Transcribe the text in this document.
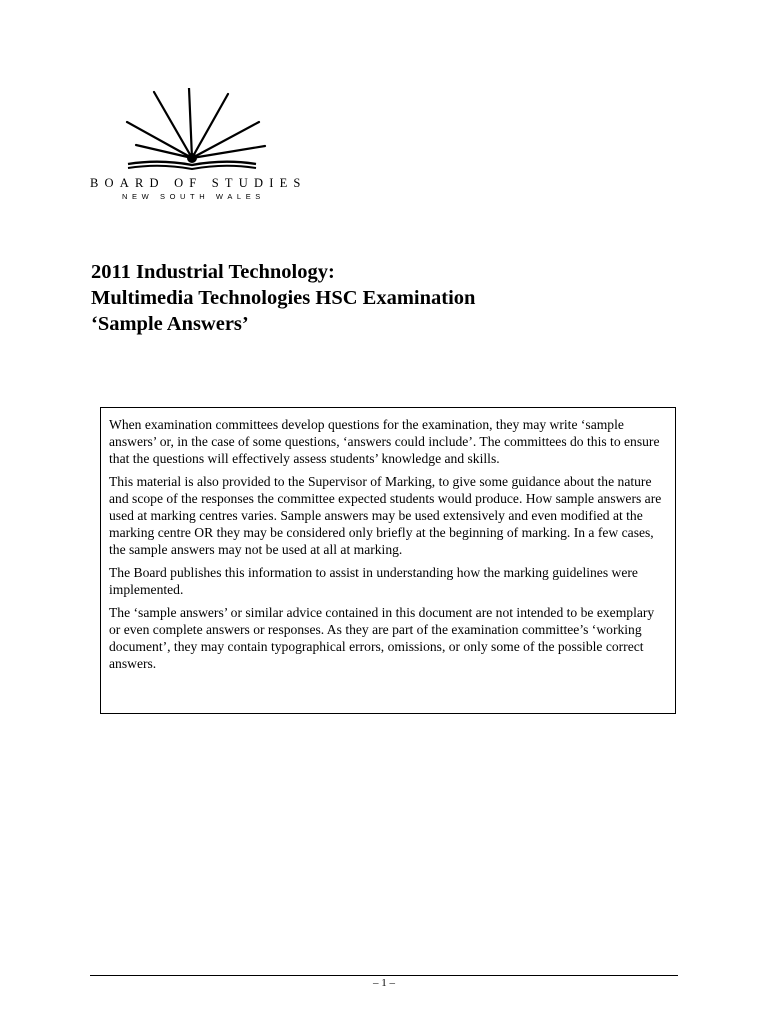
BOARD OF STUDIES
NEW SOUTH WALES
2011 Industrial Technology:
Multimedia Technologies HSC Examination
‘Sample Answers’

When examination committees develop questions for the examination, they may write ‘sample answers’ or, in the case of some questions, ‘answers could include’. The committees do this to ensure that the questions will effectively assess students’ knowledge and skills.

This material is also provided to the Supervisor of Marking, to give some guidance about the nature and scope of the responses the committee expected students would produce. How sample answers are used at marking centres varies. Sample answers may be used extensively and even modified at the marking centre OR they may be considered only briefly at the beginning of marking. In a few cases, the sample answers may not be used at all at marking.

The Board publishes this information to assist in understanding how the marking guidelines were implemented.

The ‘sample answers’ or similar advice contained in this document are not intended to be exemplary or even complete answers or responses. As they are part of the examination committee’s ‘working document’, they may contain typographical errors, omissions, or only some of the possible correct answers.

– 1 –
